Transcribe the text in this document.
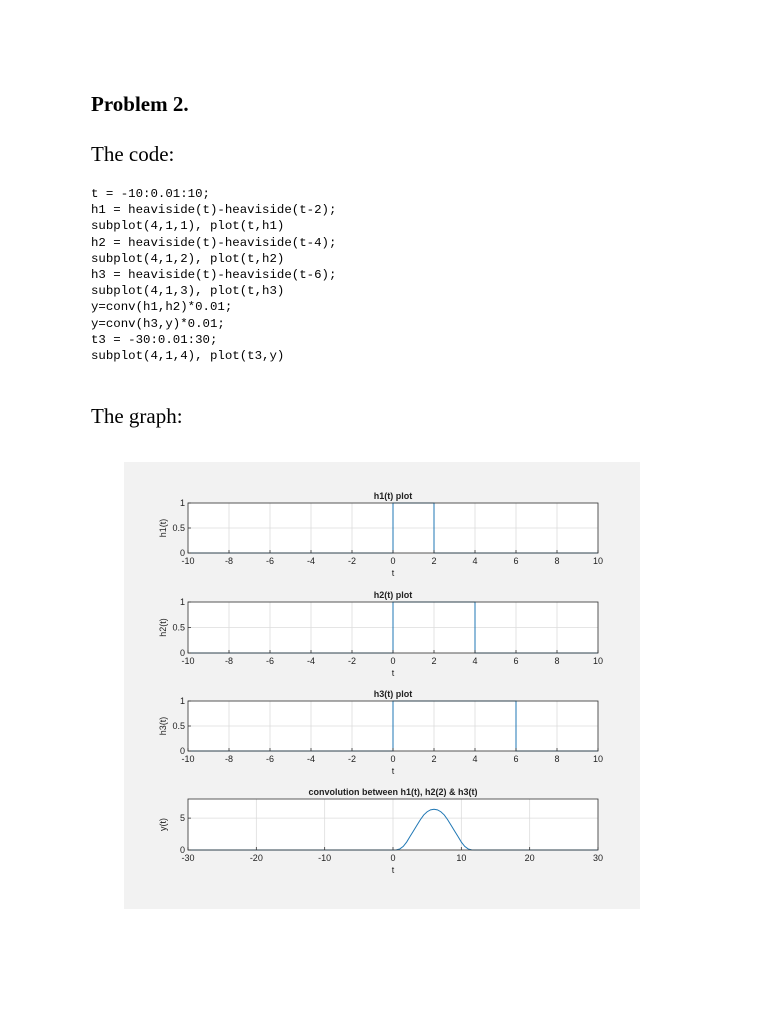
Problem 2.
The code:
t = -10:0.01:10;
h1 = heaviside(t)-heaviside(t-2);
subplot(4,1,1), plot(t,h1)
h2 = heaviside(t)-heaviside(t-4);
subplot(4,1,2), plot(t,h2)
h3 = heaviside(t)-heaviside(t-6);
subplot(4,1,3), plot(t,h3)
y=conv(h1,h2)*0.01;
y=conv(h3,y)*0.01;
t3 = -30:0.01:30;
subplot(4,1,4), plot(t3,y)
The graph:
-10	-8	-6	-4	-2	0	2	4	6	8	10
0
0.5
1
h1(t) plot
t
h1(t)
-10	-8	-6	-4	-2	0	2	4	6	8	10
0
0.5
1
h2(t) plot
t
h2(t)
-10	-8	-6	-4	-2	0	2	4	6	8	10
0
0.5
1
h3(t) plot
t
h3(t)
-30	-20	-10	0	10	20	30
0
5
convolution between h1(t), h2(2) & h3(t)
t
y(t)
